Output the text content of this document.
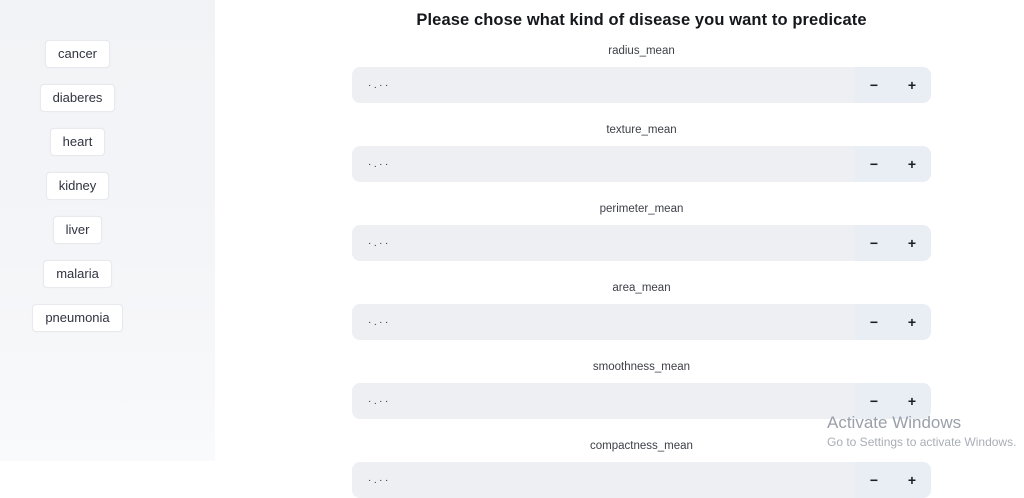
cancer
diaberes
heart
kidney
liver
malaria
pneumonia
Please chose what kind of disease you want to predicate
radius_mean
·.··	−	+
texture_mean
·.··	−	+
perimeter_mean
·.··	−	+
area_mean
·.··	−	+
smoothness_mean
·.··	−	+
compactness_mean
·.··	−	+
Activate Windows
Go to Settings to activate Windows.
